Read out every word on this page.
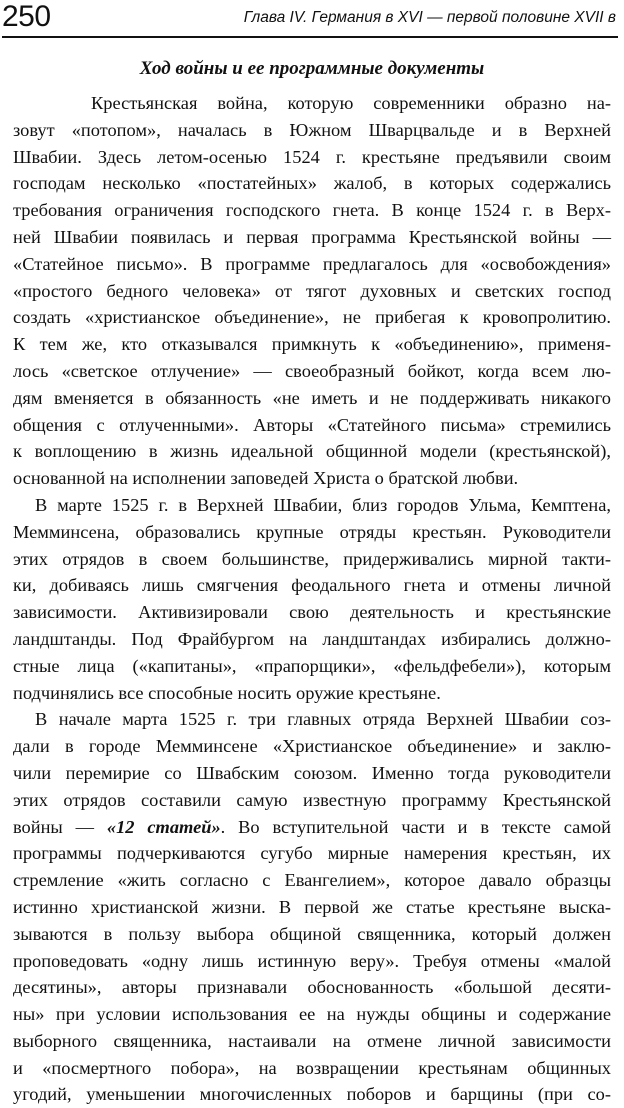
250	Глава IV. Германия в XVI — первой половине XVII в
Ход войны и ее программные документы
Крестьянская война, которую современники образно на-
зовут «потопом», началась в Южном Шварцвальде и в Верхней
Швабии. Здесь летом-осенью 1524 г. крестьяне предъявили своим
господам несколько «постатейных» жалоб, в которых содержались
требования ограничения господского гнета. В конце 1524 г. в Верх-
ней Швабии появилась и первая программа Крестьянской войны —
«Статейное письмо». В программе предлагалось для «освобождения»
«простого бедного человека» от тягот духовных и светских господ
создать «христианское объединение», не прибегая к кровопролитию.
К тем же, кто отказывался примкнуть к «объединению», применя-
лось «светское отлучение» — своеобразный бойкот, когда всем лю-
дям вменяется в обязанность «не иметь и не поддерживать никакого
общения с отлученными». Авторы «Статейного письма» стремились
к воплощению в жизнь идеальной общинной модели (крестьянской),
основанной на исполнении заповедей Христа о братской любви.
В марте 1525 г. в Верхней Швабии, близ городов Ульма, Кемптена,
Мемминсена, образовались крупные отряды крестьян. Руководители
этих отрядов в своем большинстве, придерживались мирной такти-
ки, добиваясь лишь смягчения феодального гнета и отмены личной
зависимости. Активизировали свою деятельность и крестьянские
ландштанды. Под Фрайбургом на ландштандах избирались должно-
стные лица («капитаны», «прапорщики», «фельдфебели»), которым
подчинялись все способные носить оружие крестьяне.
В начале марта 1525 г. три главных отряда Верхней Швабии соз-
дали в городе Мемминсене «Христианское объединение» и заклю-
чили перемирие со Швабским союзом. Именно тогда руководители
этих отрядов составили самую известную программу Крестьянской
войны — «12 статей». Во вступительной части и в тексте самой
программы подчеркиваются сугубо мирные намерения крестьян, их
стремление «жить согласно с Евангелием», которое давало образцы
истинно христианской жизни. В первой же статье крестьяне выска-
зываются в пользу выбора общиной священника, который должен
проповедовать «одну лишь истинную веру». Требуя отмены «малой
десятины», авторы признавали обоснованность «большой десяти-
ны» при условии использования ее на нужды общины и содержание
выборного священника, настаивали на отмене личной зависимости
и «посмертного побора», на возвращении крестьянам общинных
угодий, уменьшении многочисленных поборов и барщины (при со-
